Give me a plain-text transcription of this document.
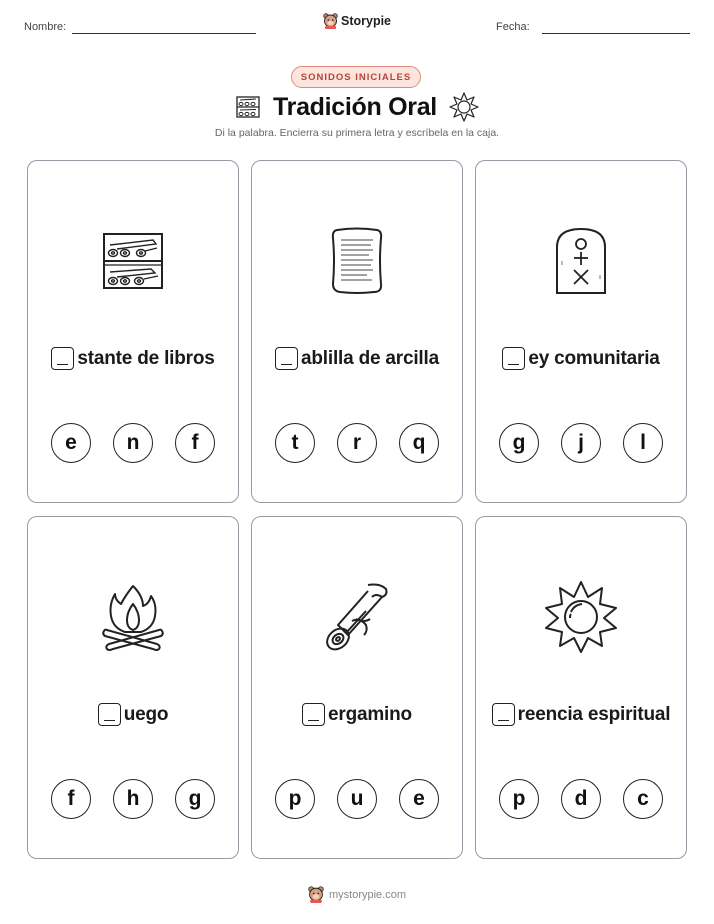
Nombre:	Storypie	Fecha:
SONIDOS INICIALES
Tradición Oral
Di la palabra. Encierra su primera letra y escríbela en la caja.
stante de libros
e	n	f
ablilla de arcilla
t	r	q
ey comunitaria
g	j	l
uego
f	h	g
ergamino
p	u	e
reencia espiritual
p	d	c
mystorypie.com
